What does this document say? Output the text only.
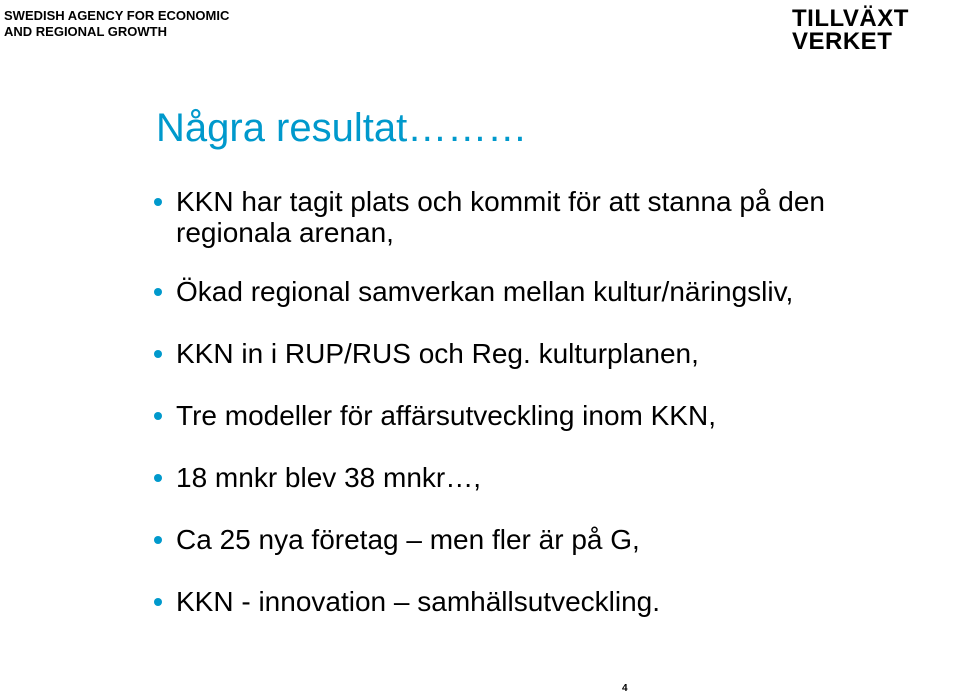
SWEDISH AGENCY FOR ECONOMIC
AND REGIONAL GROWTH	TILLVÄXT
VERKET
Några resultat………
KKN har tagit plats och kommit för att stanna på den regionala arenan,
Ökad regional samverkan mellan kultur/näringsliv,
KKN in i RUP/RUS och Reg. kulturplanen,
Tre modeller för affärsutveckling inom KKN,
18 mnkr blev 38 mnkr…,
Ca 25 nya företag – men fler är på G,
KKN - innovation – samhällsutveckling.
4
